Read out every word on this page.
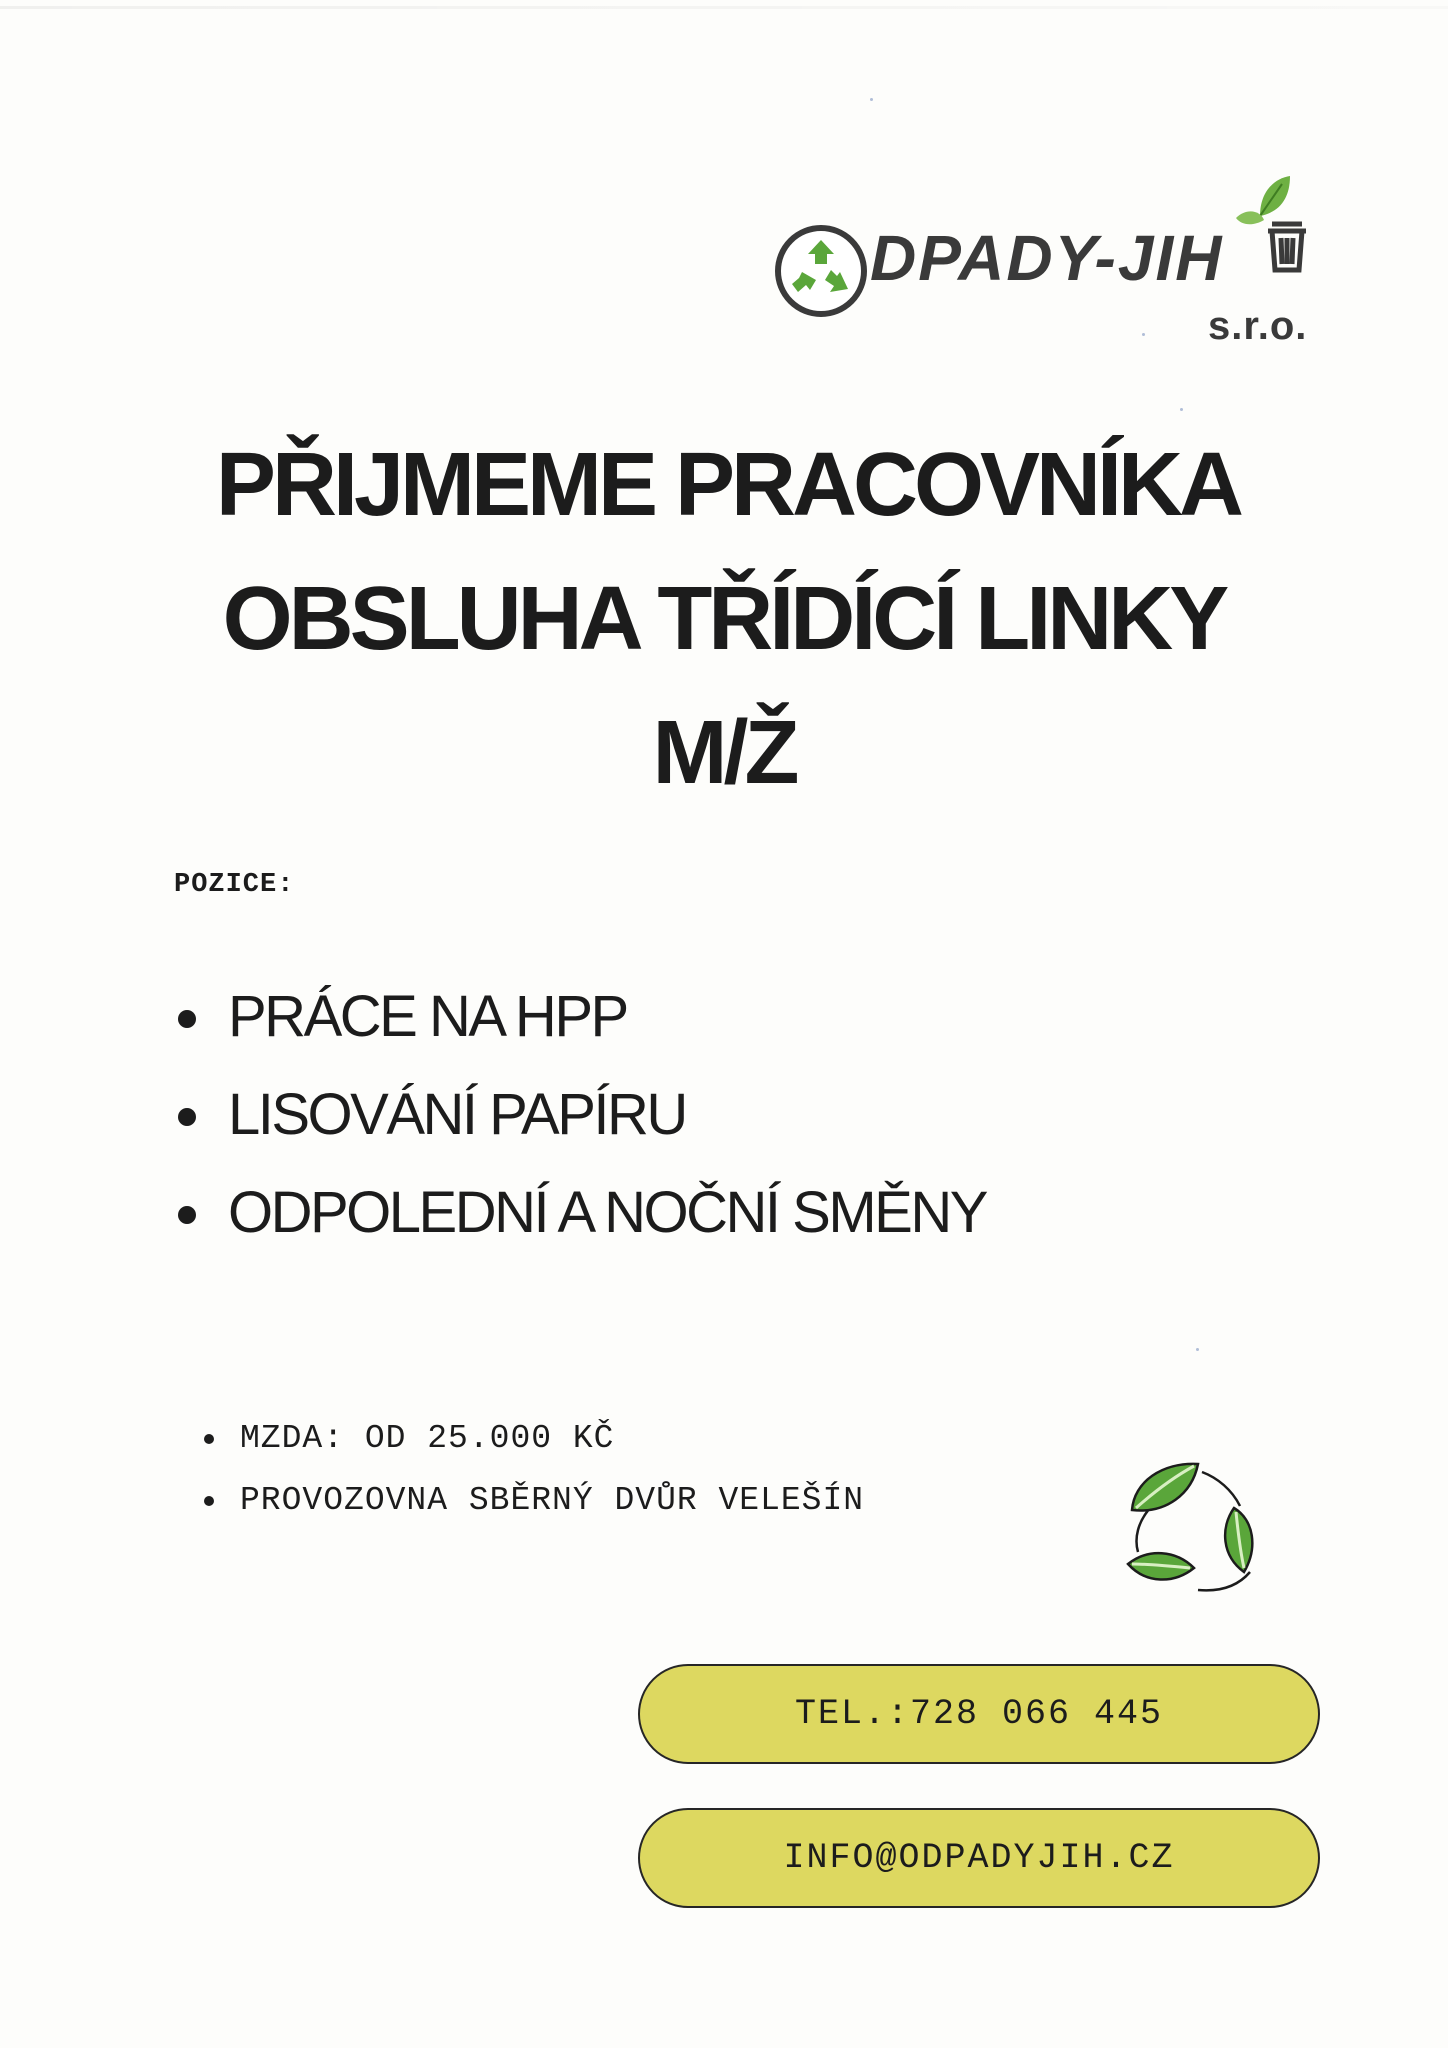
DPADY-JIH
s.r.o.
PŘIJMEME PRACOVNÍKA
OBSLUHA TŘÍDÍCÍ LINKY
M/Ž
POZICE:
PRÁCE NA HPP
LISOVÁNÍ PAPÍRU
ODPOLEDNÍ A NOČNÍ SMĚNY
MZDA: OD 25.000 KČ
PROVOZOVNA SBĚRNÝ DVŮR VELEŠÍN
TEL.:728 066 445
INFO@ODPADYJIH.CZ
